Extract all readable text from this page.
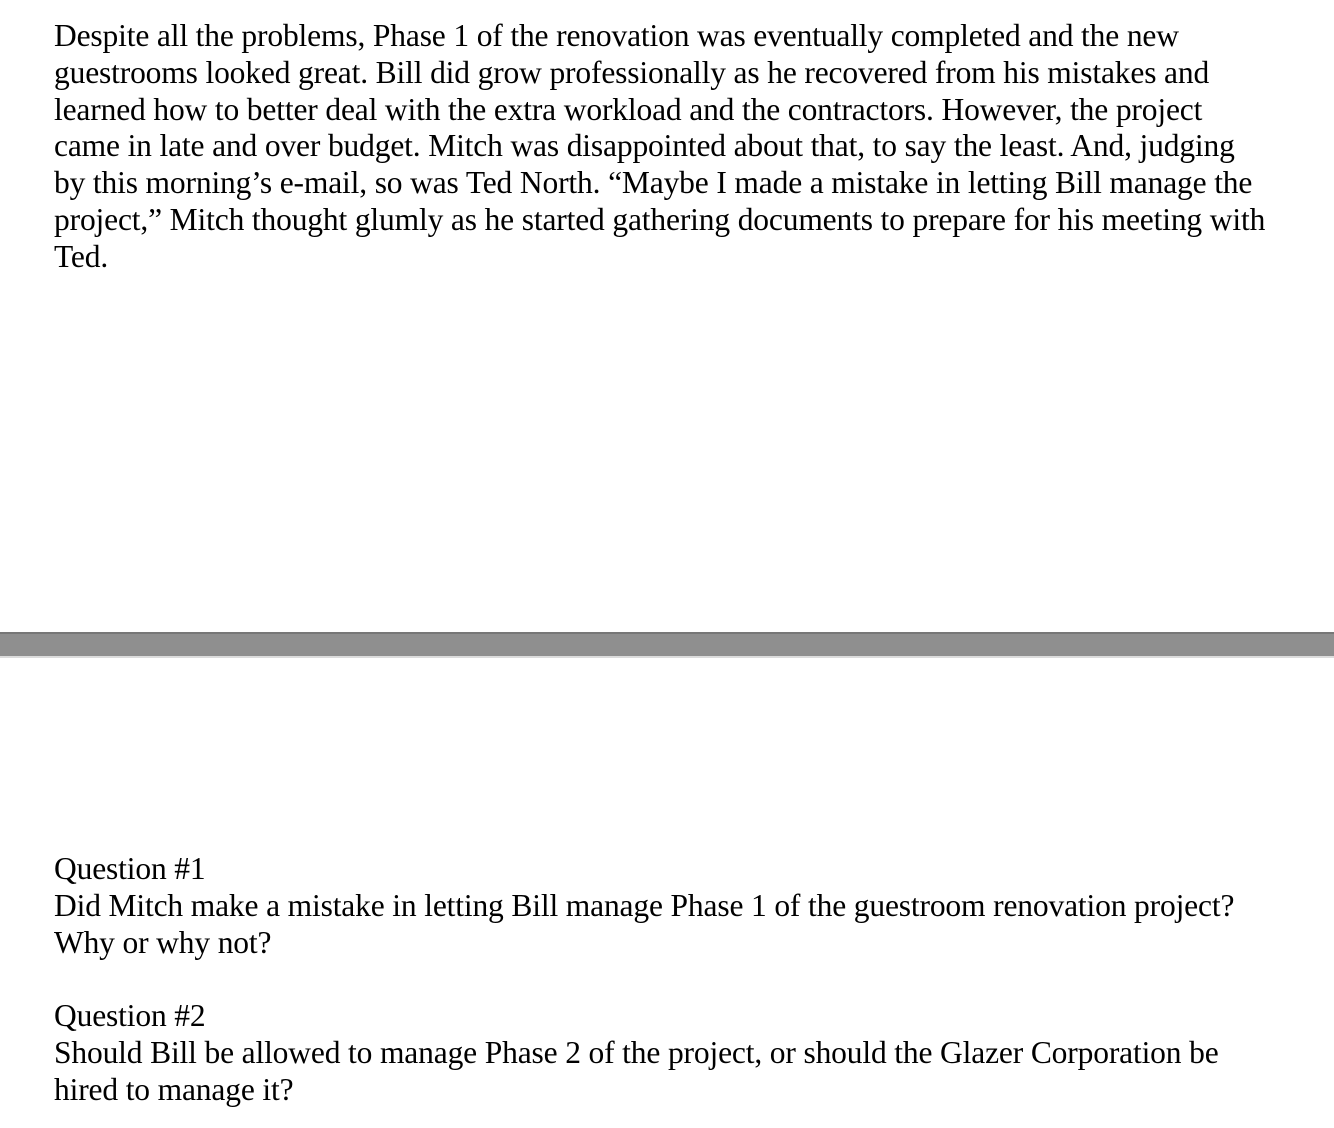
Despite all the problems, Phase 1 of the renovation was eventually completed and the new
guestrooms looked great. Bill did grow professionally as he recovered from his mistakes and
learned how to better deal with the extra workload and the contractors. However, the project
came in late and over budget. Mitch was disappointed about that, to say the least. And, judging
by this morning’s e-mail, so was Ted North. “Maybe I made a mistake in letting Bill manage the
project,” Mitch thought glumly as he started gathering documents to prepare for his meeting with
Ted.

Question #1
Did Mitch make a mistake in letting Bill manage Phase 1 of the guestroom renovation project?
Why or why not?
Question #2
Should Bill be allowed to manage Phase 2 of the project, or should the Glazer Corporation be
hired to manage it?
